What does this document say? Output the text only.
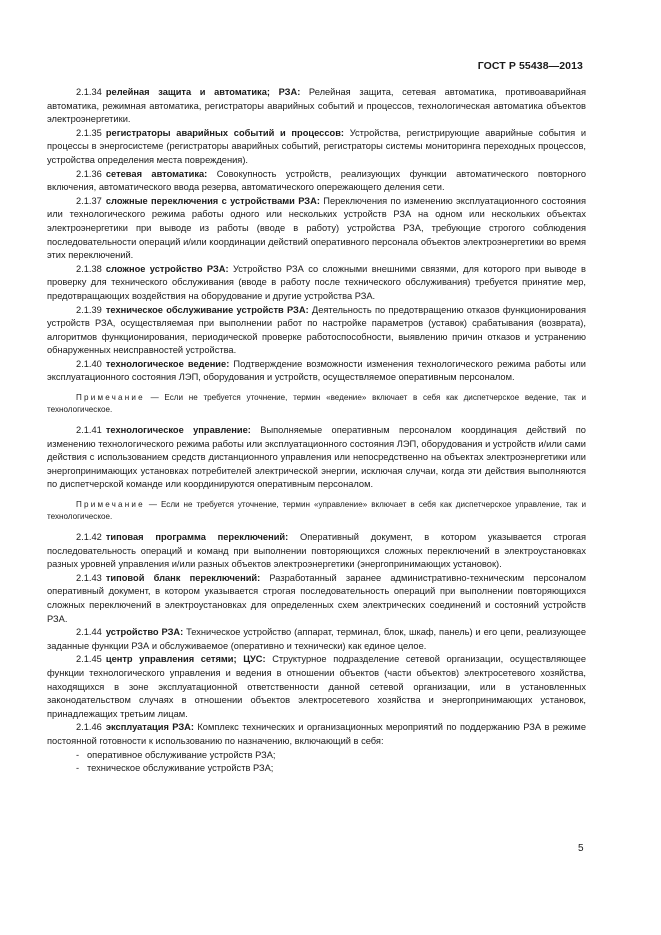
ГОСТ Р 55438—2013

2.1.34 релейная защита и автоматика; РЗА: Релейная защита, сетевая автоматика, противоаварийная автоматика, режимная автоматика, регистраторы аварийных событий и процессов, технологическая автоматика объектов электроэнергетики.

2.1.35 регистраторы аварийных событий и процессов: Устройства, регистрирующие аварийные события и процессы в энергосистеме (регистраторы аварийных событий, регистраторы системы мониторинга переходных процессов, устройства определения места повреждения).

2.1.36 сетевая автоматика: Совокупность устройств, реализующих функции автоматического повторного включения, автоматического ввода резерва, автоматического опережающего деления сети.

2.1.37 сложные переключения с устройствами РЗА: Переключения по изменению эксплуатационного состояния или технологического режима работы одного или нескольких устройств РЗА на одном или нескольких объектах электроэнергетики при выводе из работы (вводе в работу) устройства РЗА, требующие строгого соблюдения последовательности операций и/или координации действий оперативного персонала объектов электроэнергетики во время этих переключений.

2.1.38 сложное устройство РЗА: Устройство РЗА со сложными внешними связями, для которого при выводе в проверку для технического обслуживания (вводе в работу после технического обслуживания) требуется принятие мер, предотвращающих воздействия на оборудование и другие устройства РЗА.

2.1.39 техническое обслуживание устройств РЗА: Деятельность по предотвращению отказов функционирования устройств РЗА, осуществляемая при выполнении работ по настройке параметров (уставок) срабатывания (возврата), алгоритмов функционирования, периодической проверке работоспособности, выявлению причин отказов и устранению обнаруженных неисправностей устройства.

2.1.40 технологическое ведение: Подтверждение возможности изменения технологического режима работы или эксплуатационного состояния ЛЭП, оборудования и устройств, осуществляемое оперативным персоналом.

Примечание — Если не требуется уточнение, термин «ведение» включает в себя как диспетчерское ведение, так и технологическое.

2.1.41 технологическое управление: Выполняемые оперативным персоналом координация действий по изменению технологического режима работы или эксплуатационного состояния ЛЭП, оборудования и устройств и/или сами действия с использованием средств дистанционного управления или непосредственно на объектах электроэнергетики или энергопринимающих установках потребителей электрической энергии, исключая случаи, когда эти действия выполняются по диспетчерской команде или координируются оперативным персоналом.

Примечание — Если не требуется уточнение, термин «управление» включает в себя как диспетчерское управление, так и технологическое.

2.1.42 типовая программа переключений: Оперативный документ, в котором указывается строгая последовательность операций и команд при выполнении повторяющихся сложных переключений в электроустановках разных уровней управления и/или разных объектов электроэнергетики (энергопринимающих установок).

2.1.43 типовой бланк переключений: Разработанный заранее административно-техническим персоналом оперативный документ, в котором указывается строгая последовательность операций при выполнении повторяющихся сложных переключений в электроустановках для определенных схем электрических соединений и состояний устройств РЗА.

2.1.44 устройство РЗА: Техническое устройство (аппарат, терминал, блок, шкаф, панель) и его цепи, реализующее заданные функции РЗА и обслуживаемое (оперативно и технически) как единое целое.

2.1.45 центр управления сетями; ЦУС: Структурное подразделение сетевой организации, осуществляющее функции технологического управления и ведения в отношении объектов (части объектов) электросетевого хозяйства, находящихся в зоне эксплуатационной ответственности данной сетевой организации, или в установленных законодательством случаях в отношении объектов электросетевого хозяйства и энергопринимающих установок, принадлежащих третьим лицам.

2.1.46 эксплуатация РЗА: Комплекс технических и организационных мероприятий по поддержанию РЗА в режиме постоянной готовности к использованию по назначению, включающий в себя:

- оперативное обслуживание устройств РЗА;
- техническое обслуживание устройств РЗА;
5
